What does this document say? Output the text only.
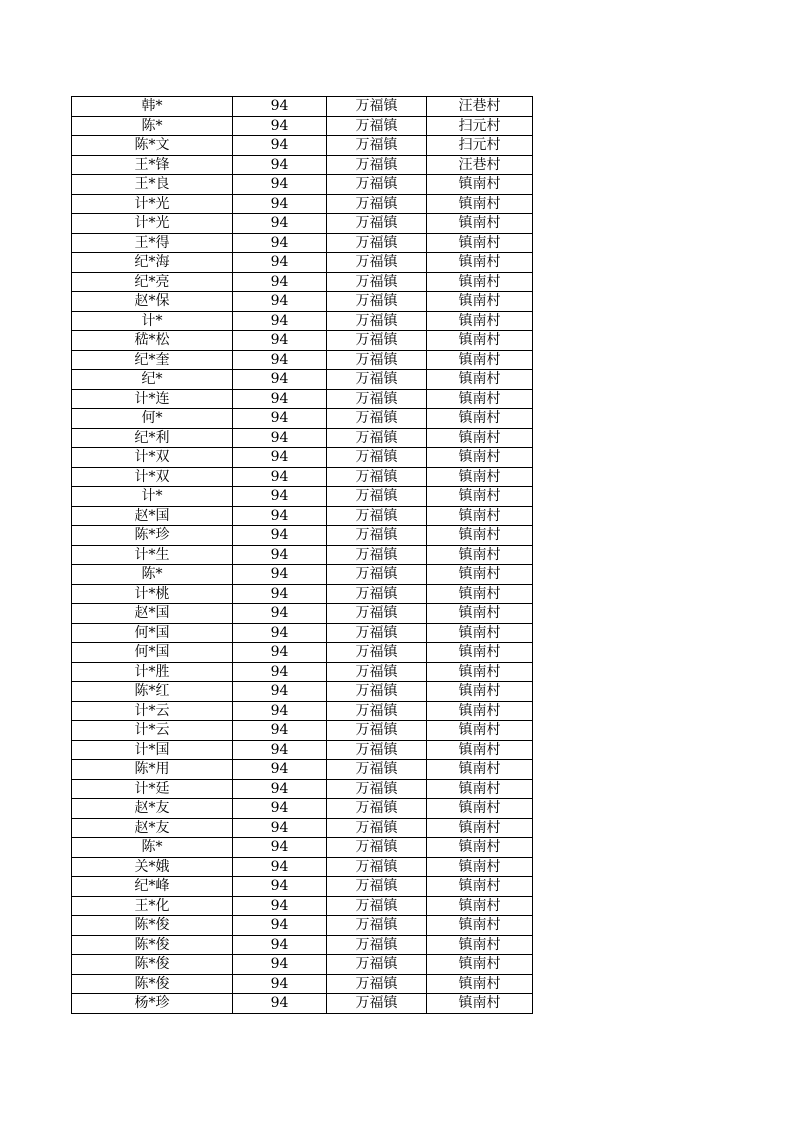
韩*	94	万福镇	汪巷村
陈*	94	万福镇	扫元村
陈*文	94	万福镇	扫元村
王*锋	94	万福镇	汪巷村
王*良	94	万福镇	镇南村
计*光	94	万福镇	镇南村
计*光	94	万福镇	镇南村
王*得	94	万福镇	镇南村
纪*海	94	万福镇	镇南村
纪*亮	94	万福镇	镇南村
赵*保	94	万福镇	镇南村
计*	94	万福镇	镇南村
嵇*松	94	万福镇	镇南村
纪*奎	94	万福镇	镇南村
纪*	94	万福镇	镇南村
计*连	94	万福镇	镇南村
何*	94	万福镇	镇南村
纪*利	94	万福镇	镇南村
计*双	94	万福镇	镇南村
计*双	94	万福镇	镇南村
计*	94	万福镇	镇南村
赵*国	94	万福镇	镇南村
陈*珍	94	万福镇	镇南村
计*生	94	万福镇	镇南村
陈*	94	万福镇	镇南村
计*桃	94	万福镇	镇南村
赵*国	94	万福镇	镇南村
何*国	94	万福镇	镇南村
何*国	94	万福镇	镇南村
计*胜	94	万福镇	镇南村
陈*红	94	万福镇	镇南村
计*云	94	万福镇	镇南村
计*云	94	万福镇	镇南村
计*国	94	万福镇	镇南村
陈*用	94	万福镇	镇南村
计*廷	94	万福镇	镇南村
赵*友	94	万福镇	镇南村
赵*友	94	万福镇	镇南村
陈*	94	万福镇	镇南村
关*娥	94	万福镇	镇南村
纪*峰	94	万福镇	镇南村
王*化	94	万福镇	镇南村
陈*俊	94	万福镇	镇南村
陈*俊	94	万福镇	镇南村
陈*俊	94	万福镇	镇南村
陈*俊	94	万福镇	镇南村
杨*珍	94	万福镇	镇南村
